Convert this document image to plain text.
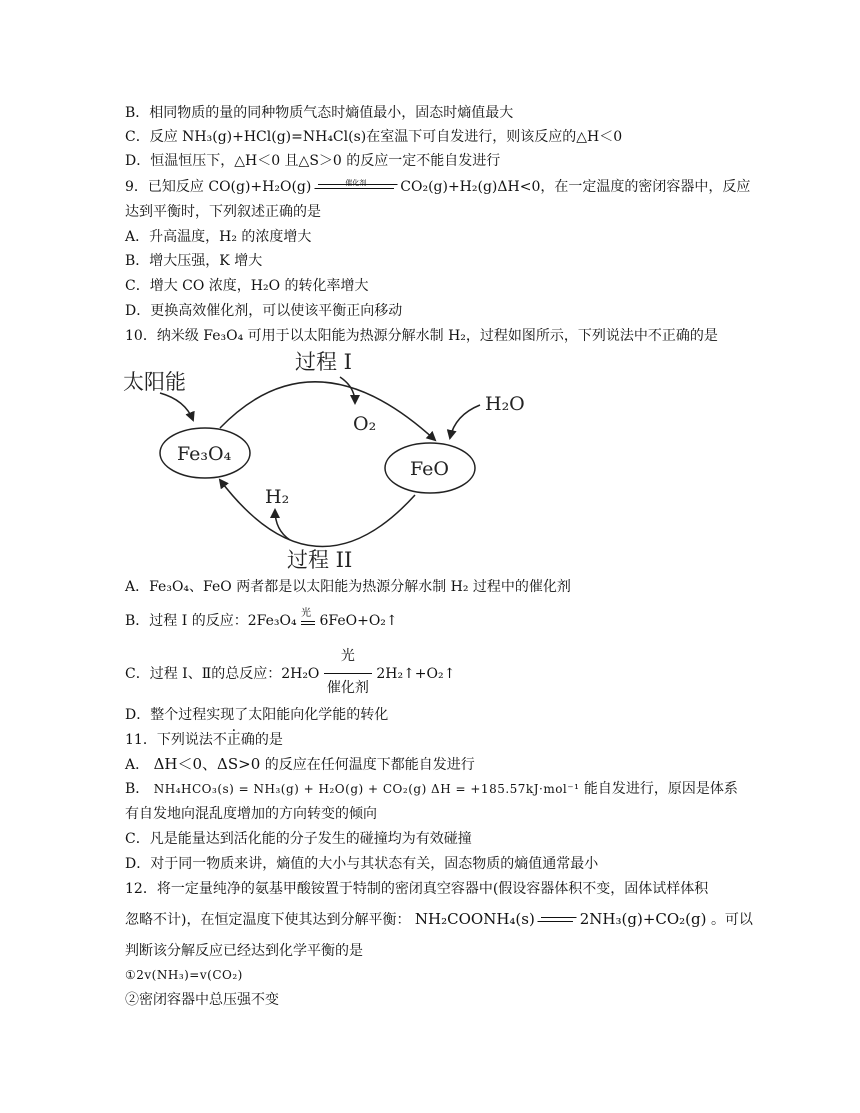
B．相同物质的量的同种物质气态时熵值最小，固态时熵值最大
C．反应 NH₃(g)+HCl(g)=NH₄Cl(s)在室温下可自发进行，则该反应的△H＜0
D．恒温恒压下，△H＜0 且△S＞0 的反应一定不能自发进行
9．已知反应 CO(g)+H₂O(g)	催化剂	CO₂(g)+H₂(g)ΔH<0，在一定温度的密闭容器中，反应
达到平衡时，下列叙述正确的是
A．升高温度，H₂ 的浓度增大
B．增大压强，K 增大
C．增大 CO 浓度，H₂O 的转化率增大
D．更换高效催化剂，可以使该平衡正向移动
10．纳米级 Fe₃O₄ 可用于以太阳能为热源分解水制 H₂，过程如图所示，下列说法中不正确的是
过程 I
太阳能
Fe₃O₄
FeO
O₂
H₂O
H₂
过程 II
A．Fe₃O₄、FeO 两者都是以太阳能为热源分解水制 H₂ 过程中的催化剂
B．过程 I 的反应：2Fe₃O₄ 光 6FeO+O₂↑
C．过程 I、Ⅱ的总反应：2H₂O
光
催化剂
2H₂↑+O₂↑
D．整个过程实现了太阳能向化学能的转化
11．下列说法不正确的是
A． ΔH＜0、ΔS>0 的反应在任何温度下都能自发进行
B． NH₄HCO₃(s) = NH₃(g) + H₂O(g) + CO₂(g) ΔH = +185.57kJ·mol⁻¹ 能自发进行，原因是体系
有自发地向混乱度增加的方向转变的倾向
C．凡是能量达到活化能的分子发生的碰撞均为有效碰撞
D．对于同一物质来讲，熵值的大小与其状态有关，固态物质的熵值通常最小
12．将一定量纯净的氨基甲酸铵置于特制的密闭真空容器中(假设容器体积不变，固体试样体积
忽略不计)，在恒定温度下使其达到分解平衡： NH₂COONH₄(s)	2NH₃(g)+CO₂(g) 。可以
判断该分解反应已经达到化学平衡的是
①2v(NH₃)=v(CO₂)
②密闭容器中总压强不变
